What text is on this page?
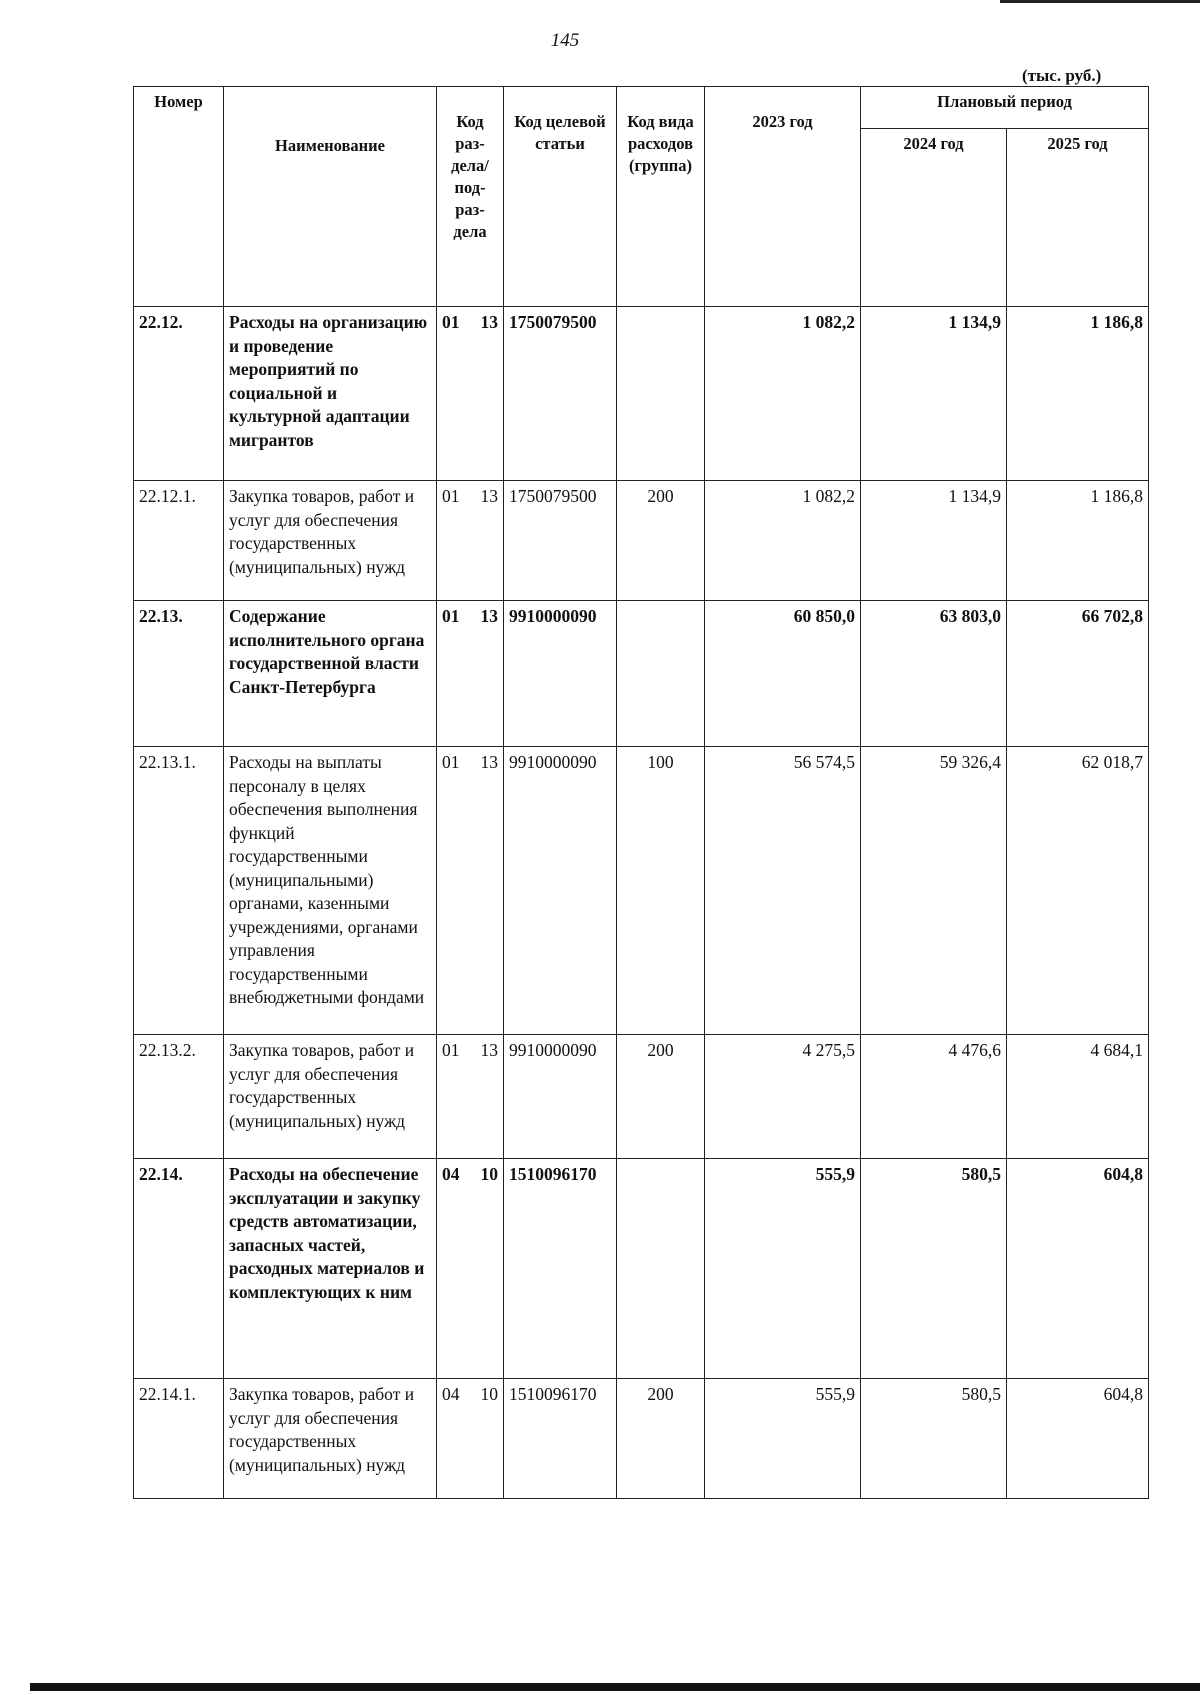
145
(тыс. руб.)
Номер	Наименование	Код раз-дела/ под-раз-дела	Код целевой статьи	Код вида расходов (группа)	2023 год	Плановый период	
						2024 год	2025 год
22.12.	Расходы на организацию и проведение мероприятий по социальной и культурной адаптации мигрантов	01 13	1750079500		1 082,2	1 134,9	1 186,8
22.12.1.	Закупка товаров, работ и услуг для обеспечения государственных (муниципальных) нужд	01 13	1750079500	200	1 082,2	1 134,9	1 186,8
22.13.	Содержание исполнительного органа государственной власти Санкт-Петербурга	01 13	9910000090		60 850,0	63 803,0	66 702,8
22.13.1.	Расходы на выплаты персоналу в целях обеспечения выполнения функций государственными (муниципальными) органами, казенными учреждениями, органами управления государственными внебюджетными фондами	01 13	9910000090	100	56 574,5	59 326,4	62 018,7
22.13.2.	Закупка товаров, работ и услуг для обеспечения государственных (муниципальных) нужд	01 13	9910000090	200	4 275,5	4 476,6	4 684,1
22.14.	Расходы на обеспечение эксплуатации и закупку средств автоматизации, запасных частей, расходных материалов и комплектующих к ним	04 10	1510096170		555,9	580,5	604,8
22.14.1.	Закупка товаров, работ и услуг для обеспечения государственных (муниципальных) нужд	04 10	1510096170	200	555,9	580,5	604,8
